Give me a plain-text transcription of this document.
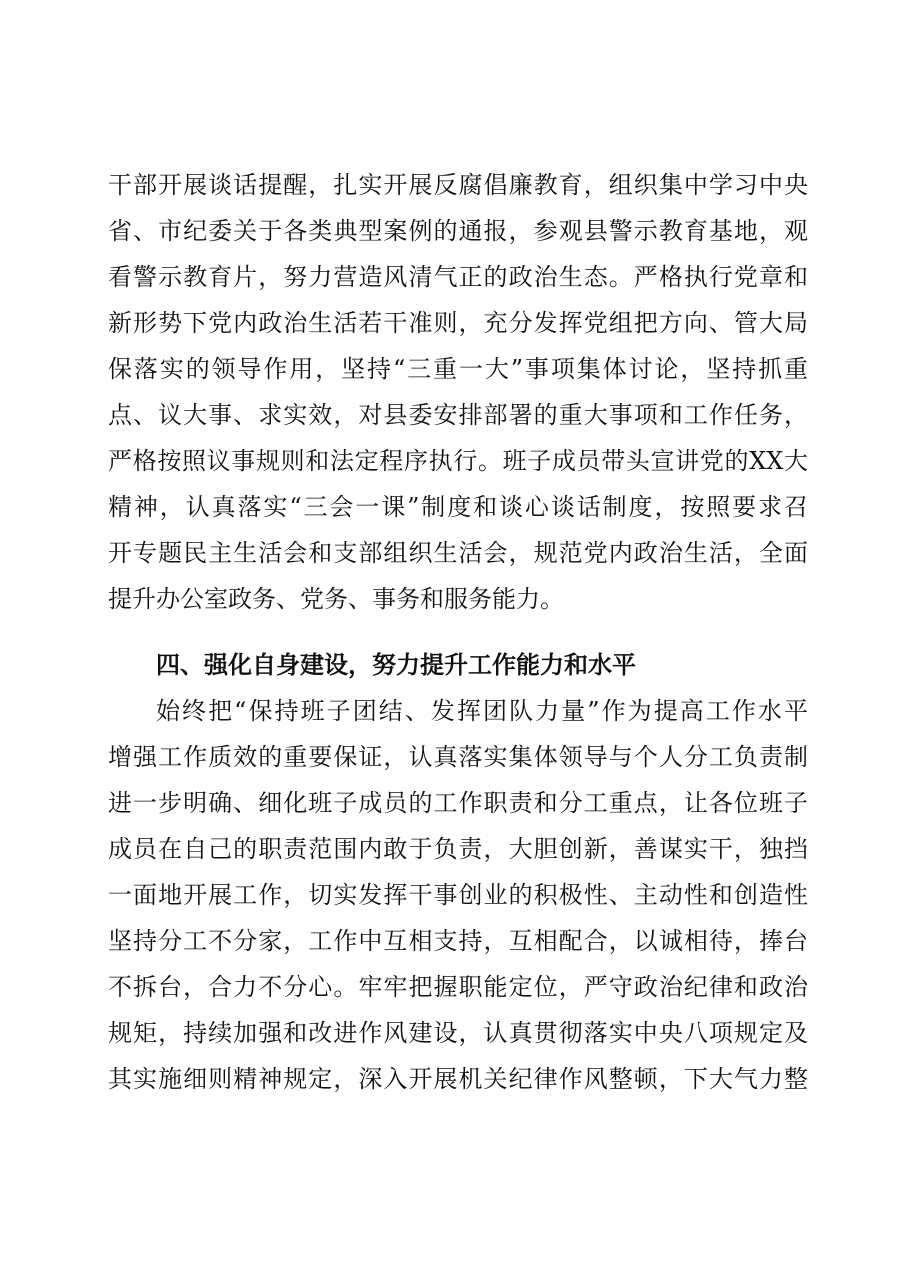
干部开展谈话提醒，扎实开展反腐倡廉教育，组织集中学习中央
省、市纪委关于各类典型案例的通报，参观县警示教育基地，观
看警示教育片，努力营造风清气正的政治生态。严格执行党章和
新形势下党内政治生活若干准则，充分发挥党组把方向、管大局
保落实的领导作用，坚持“三重一大”事项集体讨论，坚持抓重
点、议大事、求实效，对县委安排部署的重大事项和工作任务，
严格按照议事规则和法定程序执行。班子成员带头宣讲党的XX大
精神，认真落实“三会一课”制度和谈心谈话制度，按照要求召
开专题民主生活会和支部组织生活会，规范党内政治生活，全面
提升办公室政务、党务、事务和服务能力。
四、强化自身建设，努力提升工作能力和水平
始终把“保持班子团结、发挥团队力量”作为提高工作水平
增强工作质效的重要保证，认真落实集体领导与个人分工负责制
进一步明确、细化班子成员的工作职责和分工重点，让各位班子
成员在自己的职责范围内敢于负责，大胆创新，善谋实干，独挡
一面地开展工作，切实发挥干事创业的积极性、主动性和创造性
坚持分工不分家，工作中互相支持，互相配合，以诚相待，捧台
不拆台，合力不分心。牢牢把握职能定位，严守政治纪律和政治
规矩，持续加强和改进作风建设，认真贯彻落实中央八项规定及
其实施细则精神规定，深入开展机关纪律作风整顿，下大气力整
